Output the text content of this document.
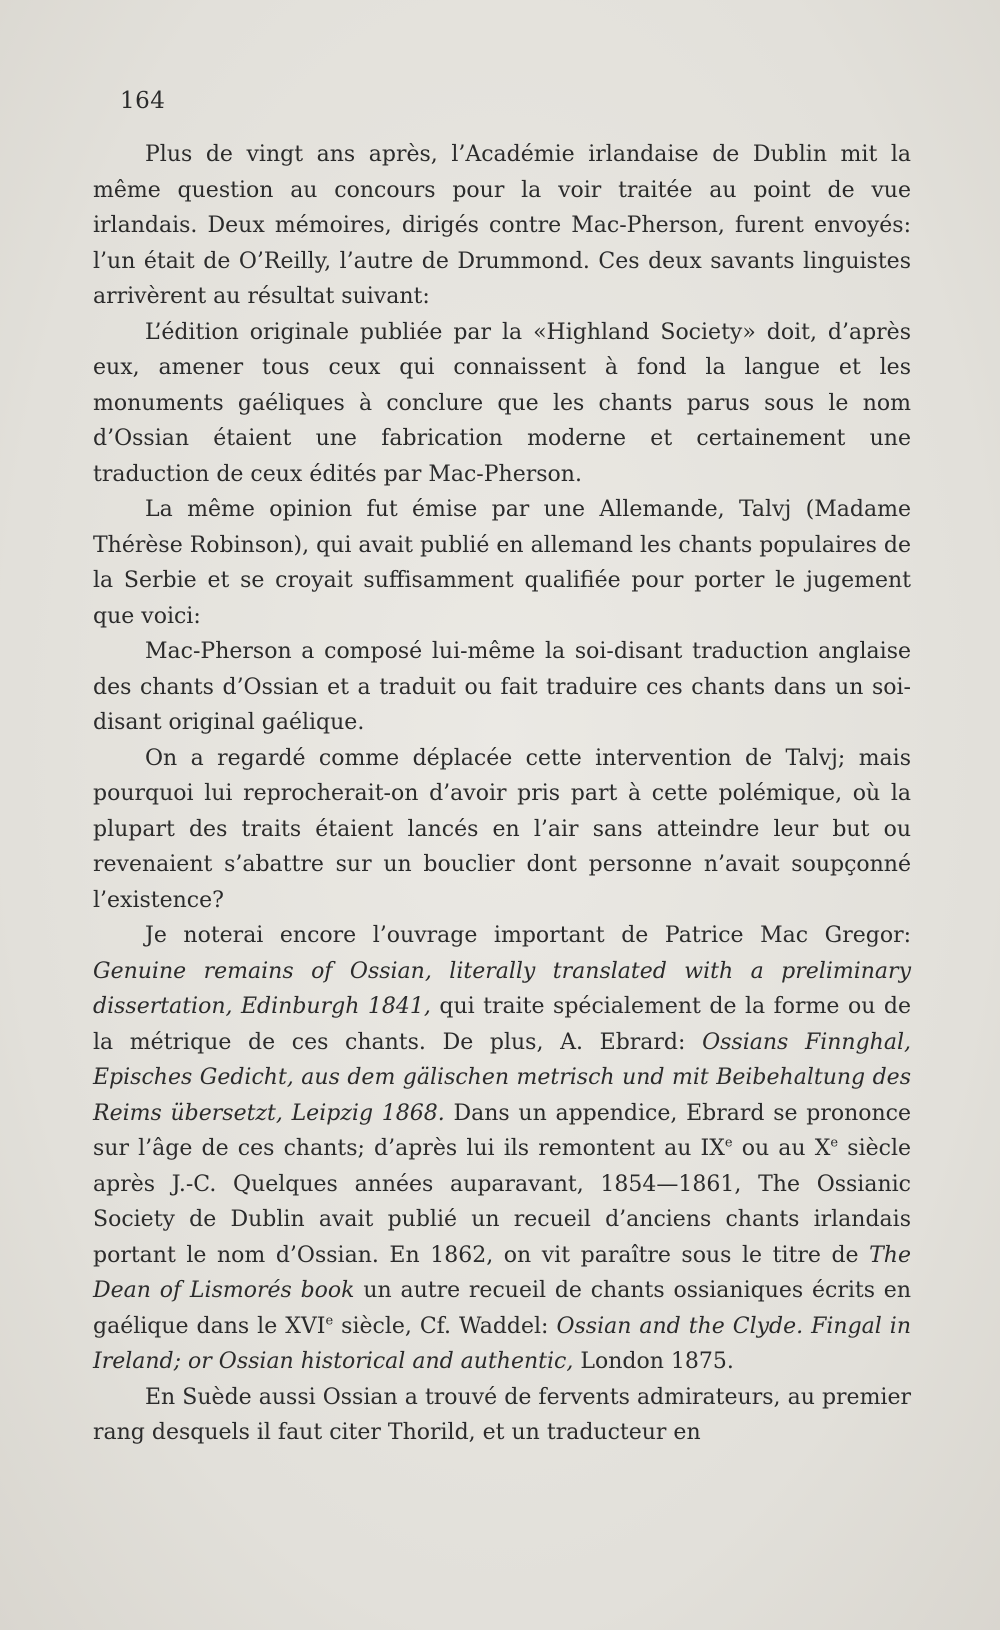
164

Plus de vingt ans après, l’Académie irlandaise de Dublin mit la même question au concours pour la voir traitée au point de vue irlandais. Deux mémoires, dirigés contre Mac-Pherson, furent envoyés: l’un était de O’Reilly, l’autre de Drummond. Ces deux savants linguistes arrivèrent au résultat suivant:

L’édition originale publiée par la «Highland Society» doit, d’après eux, amener tous ceux qui connaissent à fond la langue et les monuments gaéliques à conclure que les chants parus sous le nom d’Ossian étaient une fabrication moderne et certainement une traduction de ceux édités par Mac-Pherson.

La même opinion fut émise par une Allemande, Talvj (Madame Thérèse Robinson), qui avait publié en allemand les chants populaires de la Serbie et se croyait suffisamment qualifiée pour porter le jugement que voici:

Mac-Pherson a composé lui-même la soi-disant traduction anglaise des chants d’Ossian et a traduit ou fait traduire ces chants dans un soi-disant original gaélique.

On a regardé comme déplacée cette intervention de Talvj; mais pourquoi lui reprocherait-on d’avoir pris part à cette polémique, où la plupart des traits étaient lancés en l’air sans atteindre leur but ou revenaient s’abattre sur un bouclier dont personne n’avait soupçonné l’existence?

Je noterai encore l’ouvrage important de Patrice Mac Gregor: Genuine remains of Ossian, literally translated with a preliminary dissertation, Edinburgh 1841, qui traite spécialement de la forme ou de la métrique de ces chants. De plus, A. Ebrard: Ossians Finnghal, Episches Gedicht, aus dem gälischen metrisch und mit Beibehaltung des Reims übersetzt, Leipzig 1868. Dans un appendice, Ebrard se prononce sur l’âge de ces chants; d’après lui ils remontent au IXe ou au Xe siècle après J.-C. Quelques années auparavant, 1854—1861, The Ossianic Society de Dublin avait publié un recueil d’anciens chants irlandais portant le nom d’Ossian. En 1862, on vit paraître sous le titre de The Dean of Lismorés book un autre recueil de chants ossianiques écrits en gaélique dans le XVIe siècle, Cf. Waddel: Ossian and the Clyde. Fingal in Ireland; or Ossian historical and authentic, London 1875.

En Suède aussi Ossian a trouvé de fervents admirateurs, au premier rang desquels il faut citer Thorild, et un traducteur en
